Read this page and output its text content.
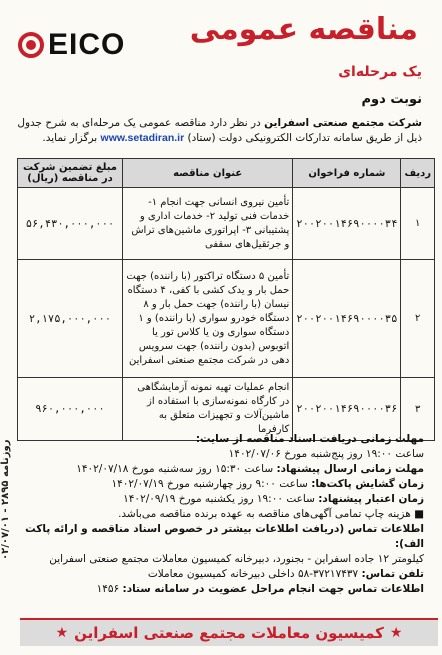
روزنامه ۲۸۹۵ - ۰۲/۰۷/۰۱
EICO مناقصه عمومی
یک مرحله‌ای
نوبت دوم
شرکت مجتمع صنعتی اسفراین در نظر دارد مناقصه عمومی یک مرحله‌ای به شرح جدول ذیل از طریق سامانه تدارکات الکترونیکی دولت (ستاد) www.setadiran.ir برگزار نماید.
ردیف	شماره فراخوان	عنوان مناقصه	مبلغ تضمین شرکت در مناقصه (ریال)
۱	۲۰۰۲۰۰۱۴۶۹۰۰۰۰۳۴	تأمین نیروی انسانی جهت انجام ۱- خدمات فنی تولید ۲- خدمات اداری و پشتیبانی ۳- اپراتوری ماشین‌های تراش و جرثقیل‌های سقفی	۵۶,۴۳۰,۰۰۰,۰۰۰
۲	۲۰۰۲۰۰۱۴۶۹۰۰۰۰۳۵	تأمین ۵ دستگاه تراکتور (با راننده) جهت حمل بار و یدک کشی با کفی، ۴ دستگاه نیسان (با راننده) جهت حمل بار و ۸ دستگاه خودرو سواری (با راننده) و ۱ دستگاه سواری ون یا کلاس تور یا اتوبوس (بدون راننده) جهت سرویس دهی در شرکت مجتمع صنعتی اسفراین	۲,۱۷۵,۰۰۰,۰۰۰
۳	۲۰۰۲۰۰۱۴۶۹۰۰۰۰۳۶	انجام عملیات تهیه نمونه آزمایشگاهی در کارگاه نمونه‌سازی با استفاده از ماشین‌آلات و تجهیزات متعلق به کارفرما	۹۶۰,۰۰۰,۰۰۰
مهلت زمانی دریافت اسناد مناقصه از سایت:
ساعت ۱۹:۰۰ روز پنج‌شنبه مورخ ۱۴۰۲/۰۷/۰۶
مهلت زمانی ارسال پیشنهاد: ساعت ۱۵:۳۰ روز سه‌شنبه مورخ ۱۴۰۲/۰۷/۱۸
زمان گشایش پاکت‌ها: ساعت ۹:۰۰ روز چهارشنبه مورخ ۱۴۰۲/۰۷/۱۹
زمان اعتبار پیشنهاد: ساعت ۱۹:۰۰ روز یکشنبه مورخ ۱۴۰۲/۰۹/۱۹
■ هزینه چاپ تمامی آگهی‌های مناقصه به عهده برنده مناقصه می‌باشد.
اطلاعات تماس (دریافت اطلاعات بیشتر در خصوص اسناد مناقصه و ارائه پاکت الف):
کیلومتر ۱۲ جاده اسفراین - بجنورد، دبیرخانه کمیسیون معاملات مجتمع صنعتی اسفراین
تلفن تماس: ۳۷۲۱۷۴۳۷-۵۸ داخلی دبیرخانه کمیسیون معاملات
اطلاعات تماس جهت انجام مراحل عضویت در سامانه ستاد: ۱۴۵۶
★ کمیسیون معاملات مجتمع صنعتی اسفراین ★
